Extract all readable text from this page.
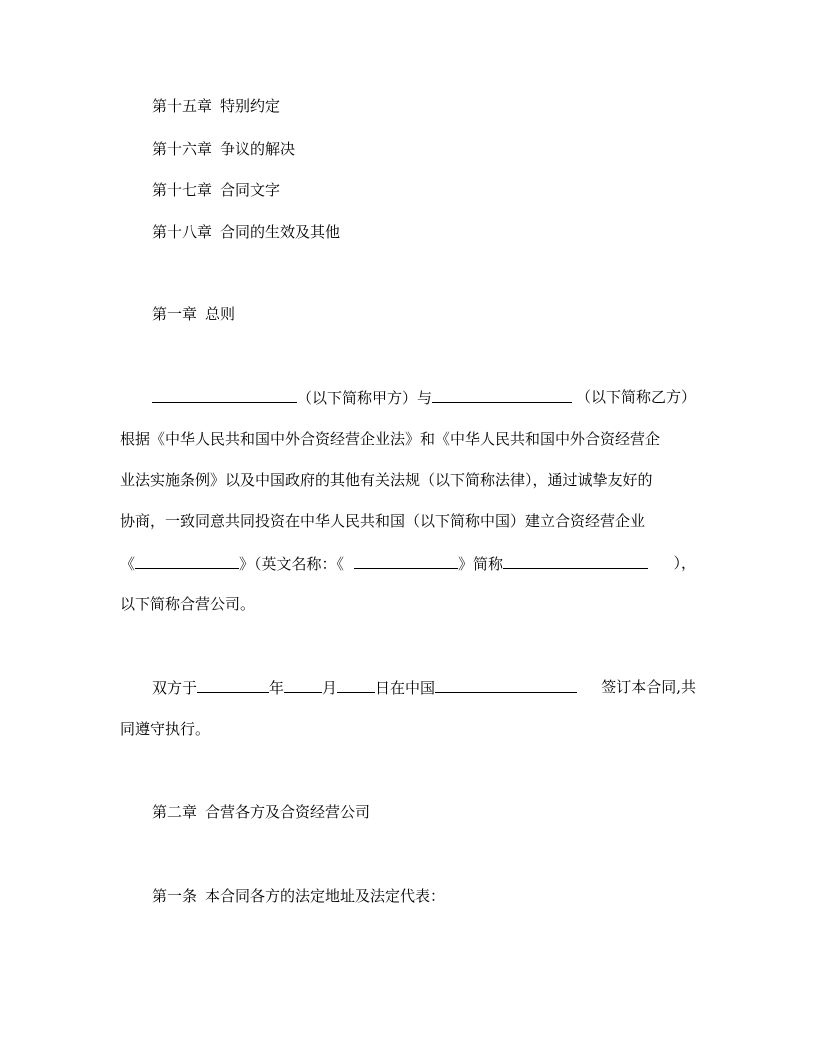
第十五章 特别约定
第十六章 争议的解决
第十七章 合同文字
第十八章 合同的生效及其他
第一章 总则
（以下简称甲方）与	（以下简称乙方）
根据《中华人民共和国中外合资经营企业法》和《中华人民共和国中外合资经营企
业法实施条例》以及中国政府的其他有关法规（以下简称法律），通过诚挚友好的
协商，一致同意共同投资在中华人民共和国（以下简称中国）建立合资经营企业
《	》（英文名称：《	》简称	），
以下简称合营公司。
双方于	年	月	日在中国	签订本合同,共
同遵守执行。
第二章 合营各方及合资经营公司
第一条 本合同各方的法定地址及法定代表：
